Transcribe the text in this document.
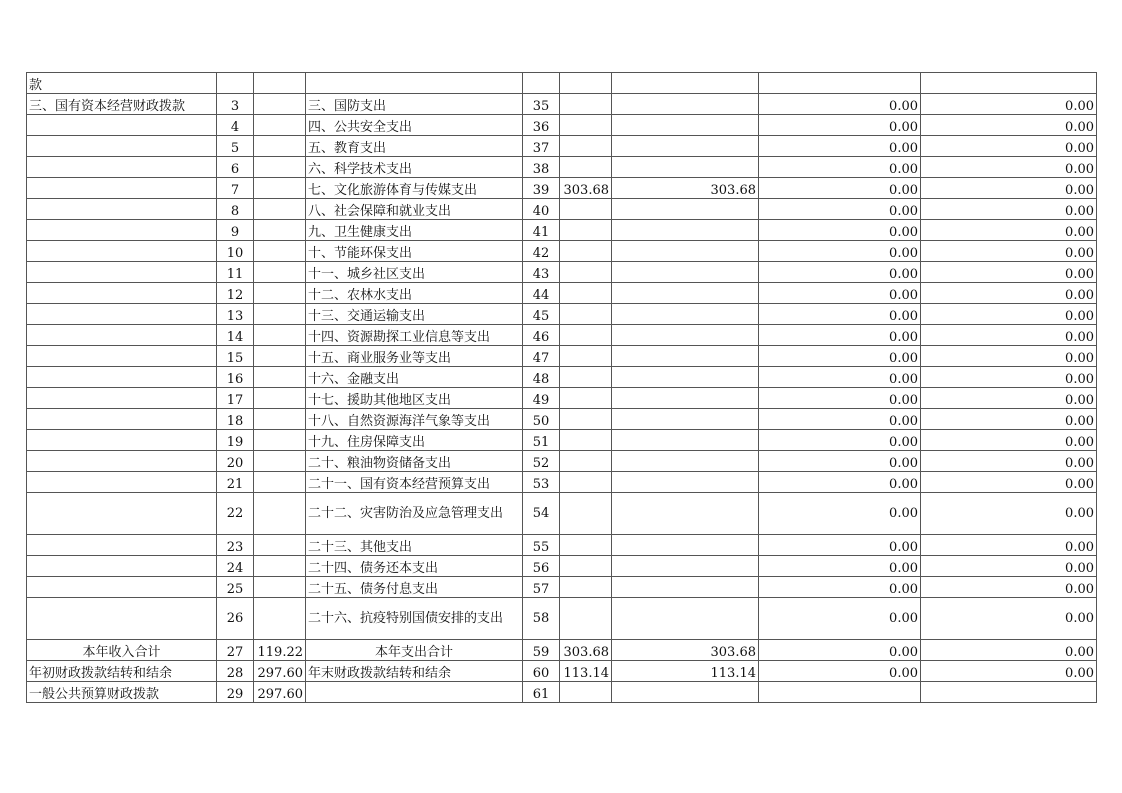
款								
三、国有资本经营财政拨款	3		三、国防支出	35			0.00	0.00
	4		四、公共安全支出	36			0.00	0.00
	5		五、教育支出	37			0.00	0.00
	6		六、科学技术支出	38			0.00	0.00
	7		七、文化旅游体育与传媒支出	39	303.68	303.68	0.00	0.00
	8		八、社会保障和就业支出	40			0.00	0.00
	9		九、卫生健康支出	41			0.00	0.00
	10		十、节能环保支出	42			0.00	0.00
	11		十一、城乡社区支出	43			0.00	0.00
	12		十二、农林水支出	44			0.00	0.00
	13		十三、交通运输支出	45			0.00	0.00
	14		十四、资源勘探工业信息等支出	46			0.00	0.00
	15		十五、商业服务业等支出	47			0.00	0.00
	16		十六、金融支出	48			0.00	0.00
	17		十七、援助其他地区支出	49			0.00	0.00
	18		十八、自然资源海洋气象等支出	50			0.00	0.00
	19		十九、住房保障支出	51			0.00	0.00
	20		二十、粮油物资储备支出	52			0.00	0.00
	21		二十一、国有资本经营预算支出	53			0.00	0.00
	22		二十二、灾害防治及应急管理支出	54			0.00	0.00
	23		二十三、其他支出	55			0.00	0.00
	24		二十四、债务还本支出	56			0.00	0.00
	25		二十五、债务付息支出	57			0.00	0.00
	26		二十六、抗疫特别国债安排的支出	58			0.00	0.00
本年收入合计	27	119.22	本年支出合计	59	303.68	303.68	0.00	0.00
年初财政拨款结转和结余	28	297.60	年末财政拨款结转和结余	60	113.14	113.14	0.00	0.00
一般公共预算财政拨款	29	297.60		61				
